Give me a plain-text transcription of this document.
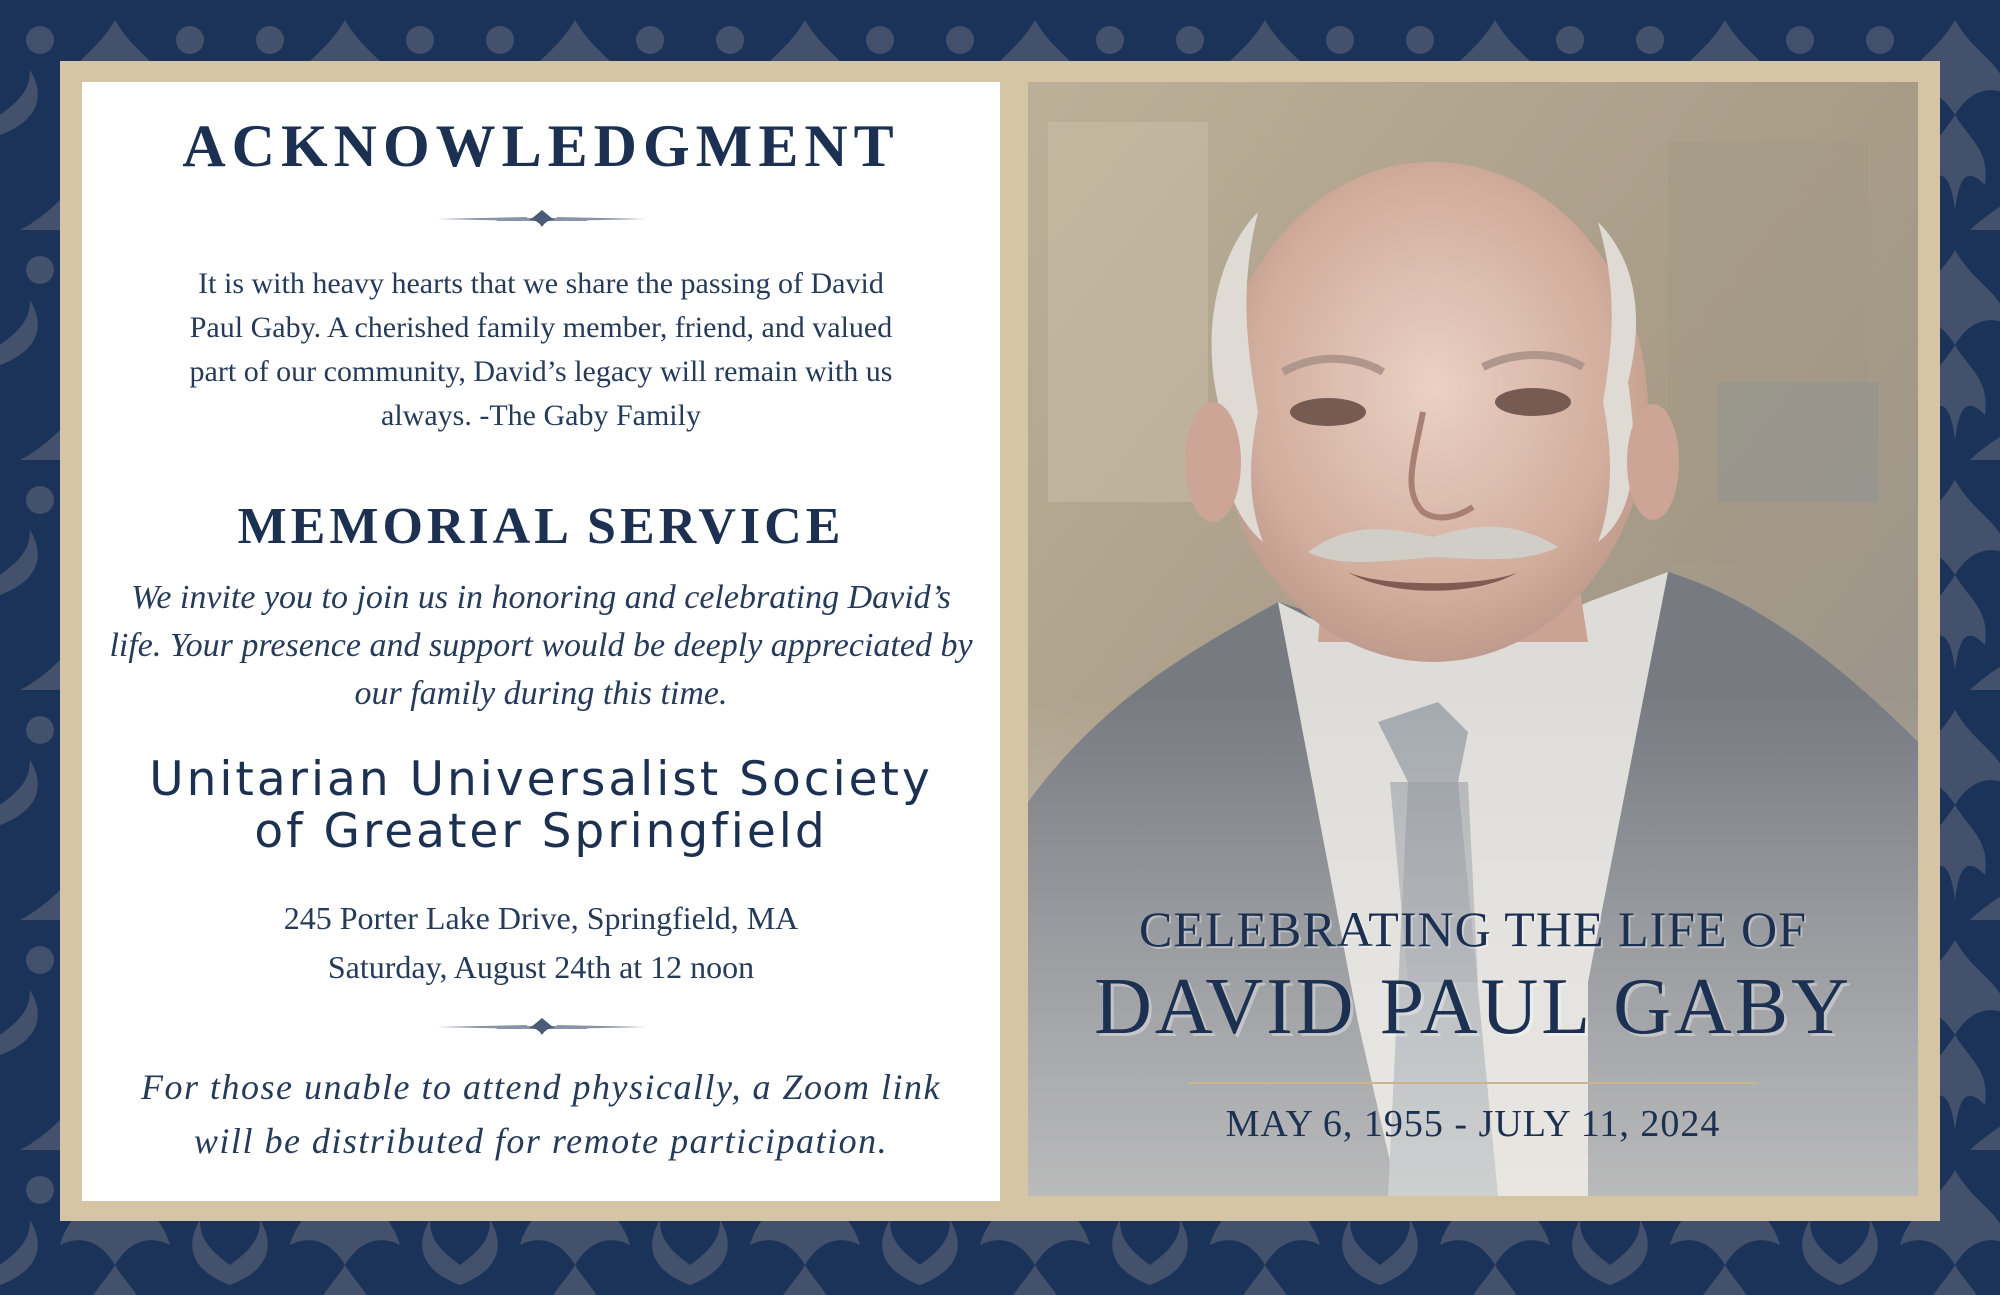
ACKNOWLEDGMENT

It is with heavy hearts that we share the passing of David Paul Gaby. A cherished family member, friend, and valued part of our community, David’s legacy will remain with us always. -The Gaby Family

MEMORIAL SERVICE

We invite you to join us in honoring and celebrating David’s life. Your presence and support would be deeply appreciated by our family during this time.

Unitarian Universalist Society
of Greater Springfield
245 Porter Lake Drive, Springfield, MA
Saturday, August 24th at 12 noon

For those unable to attend physically, a Zoom link will be distributed for remote participation.

CELEBRATING THE LIFE OF
DAVID PAUL GABY
MAY 6, 1955 - JULY 11, 2024
